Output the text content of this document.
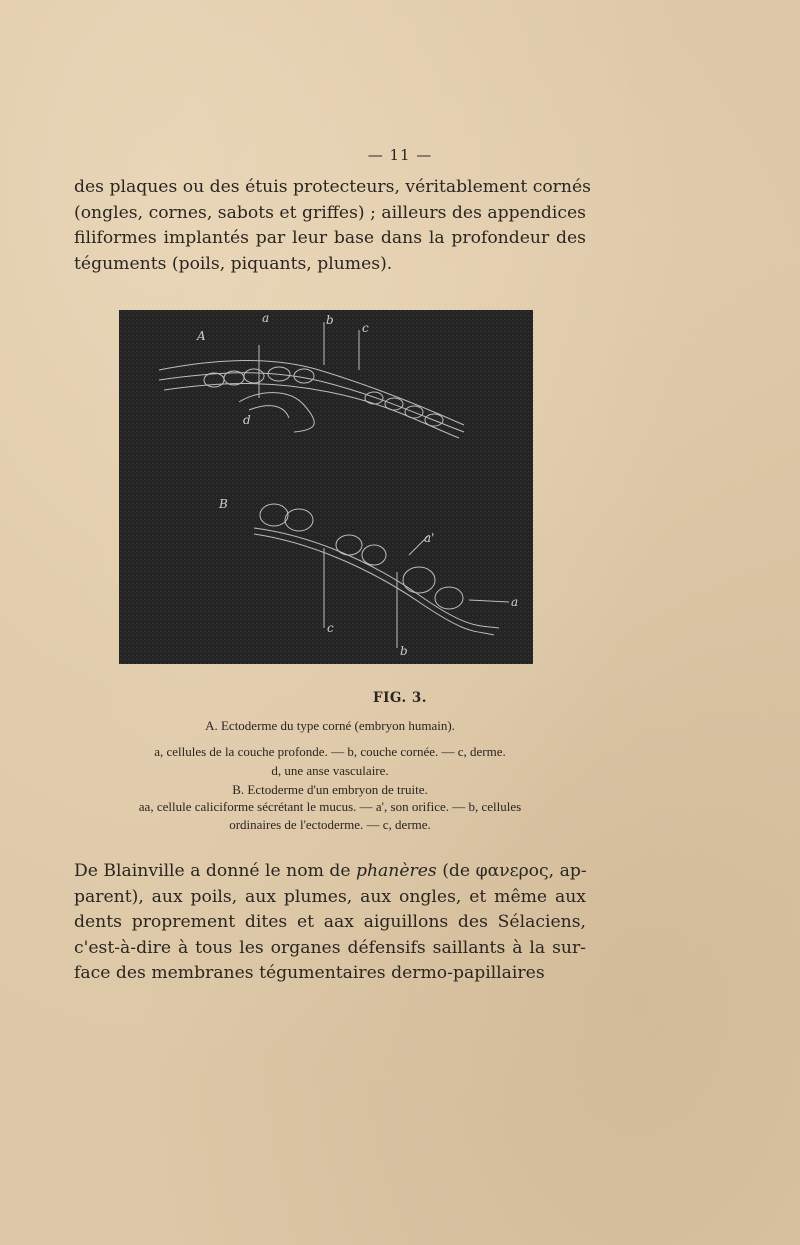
— 11 —
des plaques ou des étuis protecteurs, véritablement cornés
(ongles, cornes, sabots et griffes) ; ailleurs des appendices
filiformes implantés par leur base dans la profondeur des
téguments (poils, piquants, plumes).
A
B
a	b
c
d
a
a'
c
b
FIG. 3.
A. Ectoderme du type corné (embryon humain).
a, cellules de la couche profonde. — b, couche cornée. — c, derme.
d, une anse vasculaire.
B. Ectoderme d'un embryon de truite.
aa, cellule caliciforme sécrétant le mucus. — a', son orifice. — b, cellules
ordinaires de l'ectoderme. — c, derme.
De Blainville a donné le nom de phanères (de φανερος, ap-
parent), aux poils, aux plumes, aux ongles, et même aux
dents proprement dites et aax aiguillons des Sélaciens,
c'est-à-dire à tous les organes défensifs saillants à la sur-
face des membranes tégumentaires dermo-papillaires
